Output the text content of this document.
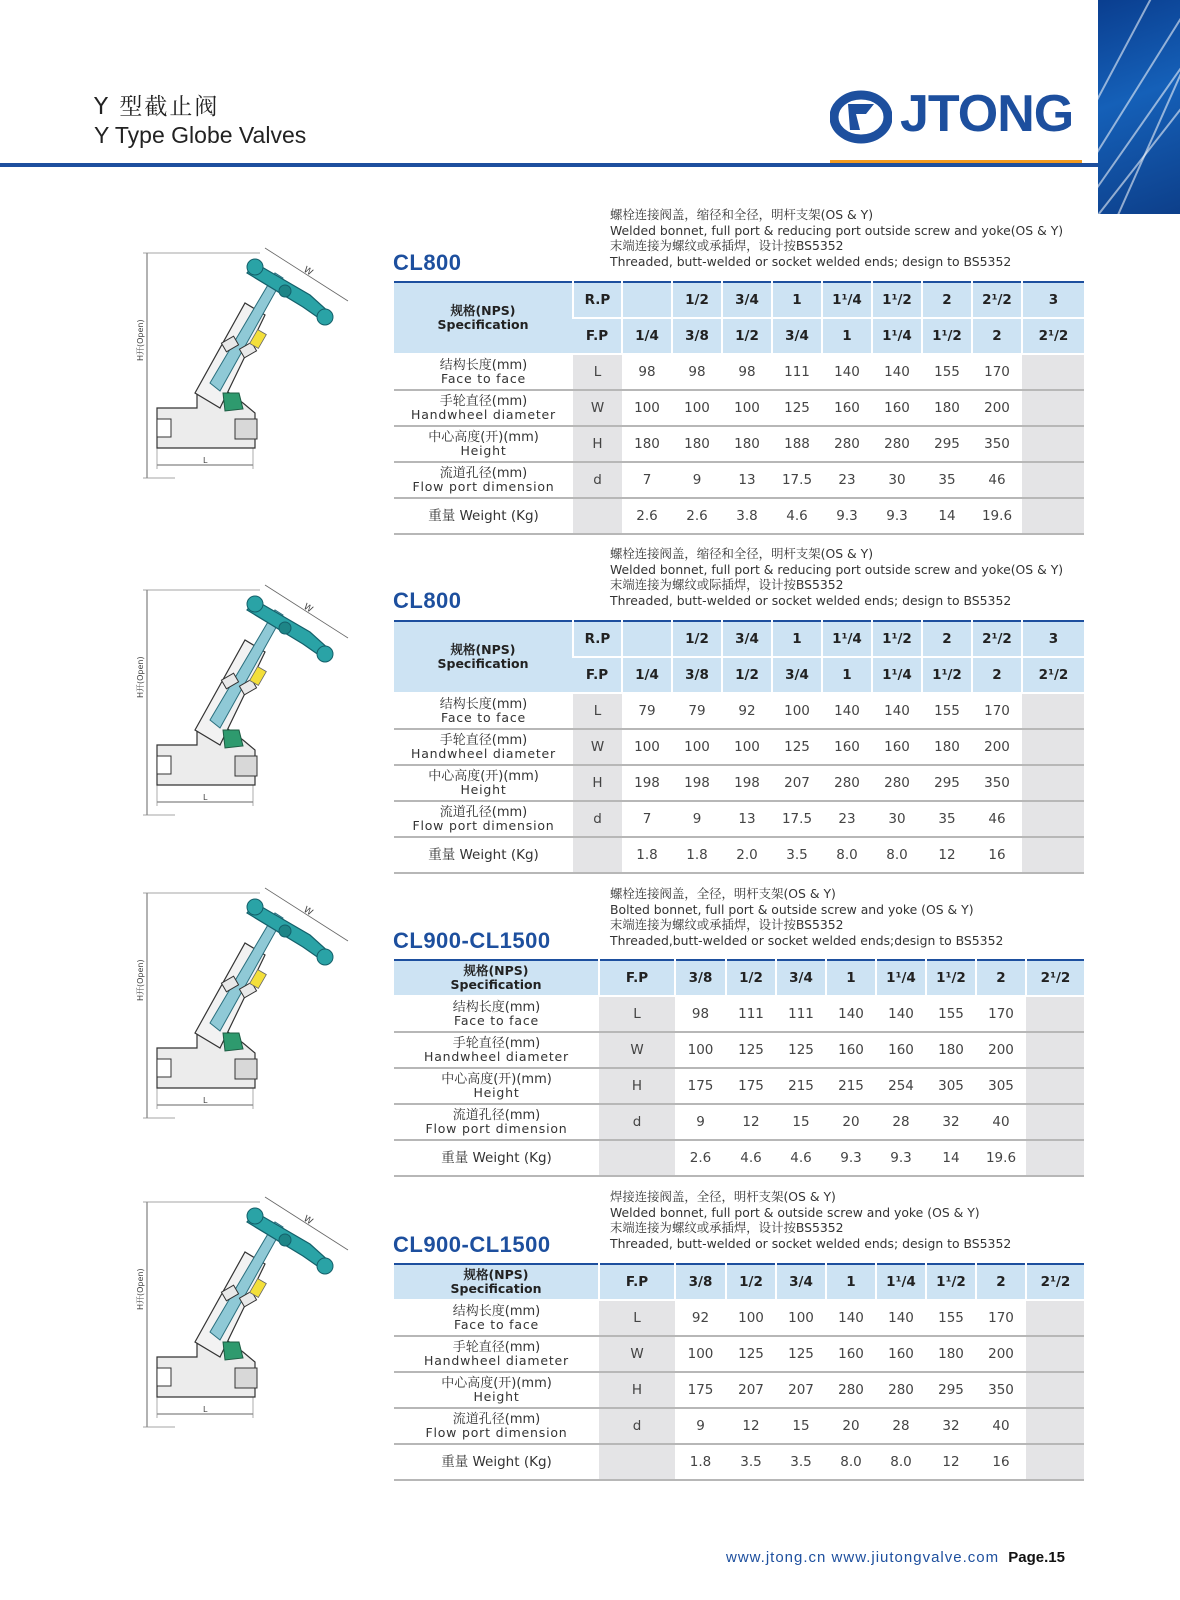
Y 型截止阀
Y Type Globe Valves	JTONG
H开(Open)
W
L
螺栓连接阀盖，缩径和全径，明杆支架(OS & Y)
Welded bonnet, full port & reducing port outside screw and yoke(OS & Y)
末端连接为螺纹或承插焊，设计按BS5352
Threaded, butt-welded or socket welded ends; design to BS5352
CL800
规格(NPS)
Specification	R.P		1/2	3/4	1	1¹/4	1¹/2	2	2¹/2	3
	F.P	1/4	3/8	1/2	3/4	1	1¹/4	1¹/2	2	2¹/2

结构长度(mm)
Face to face	L	98	98	98	111	140	140	155	170	

手轮直径(mm)
Handwheel diameter	W	100	100	100	125	160	160	180	200	

中心高度(开)(mm)
Height	H	180	180	180	188	280	280	295	350	

流道孔径(mm)
Flow port dimension	d	7	9	13	17.5	23	30	35	46	

重量 Weight (Kg)		2.6	2.6	3.8	4.6	9.3	9.3	14	19.6	
H开(Open)
W
L
螺栓连接阀盖，缩径和全径，明杆支架(OS & Y)
Welded bonnet, full port & reducing port outside screw and yoke(OS & Y)
末端连接为螺纹或际插焊，设计按BS5352
Threaded, butt-welded or socket welded ends; design to BS5352
CL800
规格(NPS)
Specification	R.P		1/2	3/4	1	1¹/4	1¹/2	2	2¹/2	3
	F.P	1/4	3/8	1/2	3/4	1	1¹/4	1¹/2	2	2¹/2

结构长度(mm)
Face to face	L	79	79	92	100	140	140	155	170	

手轮直径(mm)
Handwheel diameter	W	100	100	100	125	160	160	180	200	

中心高度(开)(mm)
Height	H	198	198	198	207	280	280	295	350	

流道孔径(mm)
Flow port dimension	d	7	9	13	17.5	23	30	35	46	

重量 Weight (Kg)		1.8	1.8	2.0	3.5	8.0	8.0	12	16	
H开(Open)
W
L
螺栓连接阀盖，全径，明杆支架(OS & Y)
Bolted bonnet, full port & outside screw and yoke (OS & Y)
末端连接为螺纹或承插焊，设计按BS5352
Threaded,butt-welded or socket welded ends;design to BS5352
CL900-CL1500
规格(NPS)
Specification	F.P	3/8	1/2	3/4	1	1¹/4	1¹/2	2	2¹/2

结构长度(mm)
Face to face	L	98	111	111	140	140	155	170	

手轮直径(mm)
Handwheel diameter	W	100	125	125	160	160	180	200	

中心高度(开)(mm)
Height	H	175	175	215	215	254	305	305	

流道孔径(mm)
Flow port dimension	d	9	12	15	20	28	32	40	

重量 Weight (Kg)		2.6	4.6	4.6	9.3	9.3	14	19.6	
H开(Open)
W
L
焊接连接阀盖，全径，明杆支架(OS & Y)
Welded bonnet, full port & outside screw and yoke (OS & Y)
末端连接为螺纹或承插焊，设计按BS5352
Threaded, butt-welded or socket welded ends; design to BS5352
CL900-CL1500
规格(NPS)
Specification	F.P	3/8	1/2	3/4	1	1¹/4	1¹/2	2	2¹/2

结构长度(mm)
Face to face	L	92	100	100	140	140	155	170	

手轮直径(mm)
Handwheel diameter	W	100	125	125	160	160	180	200	

中心高度(开)(mm)
Height	H	175	207	207	280	280	295	350	

流道孔径(mm)
Flow port dimension	d	9	12	15	20	28	32	40	

重量 Weight (Kg)		1.8	3.5	3.5	8.0	8.0	12	16	
www.jtong.cn www.jiutongvalve.com Page.15
